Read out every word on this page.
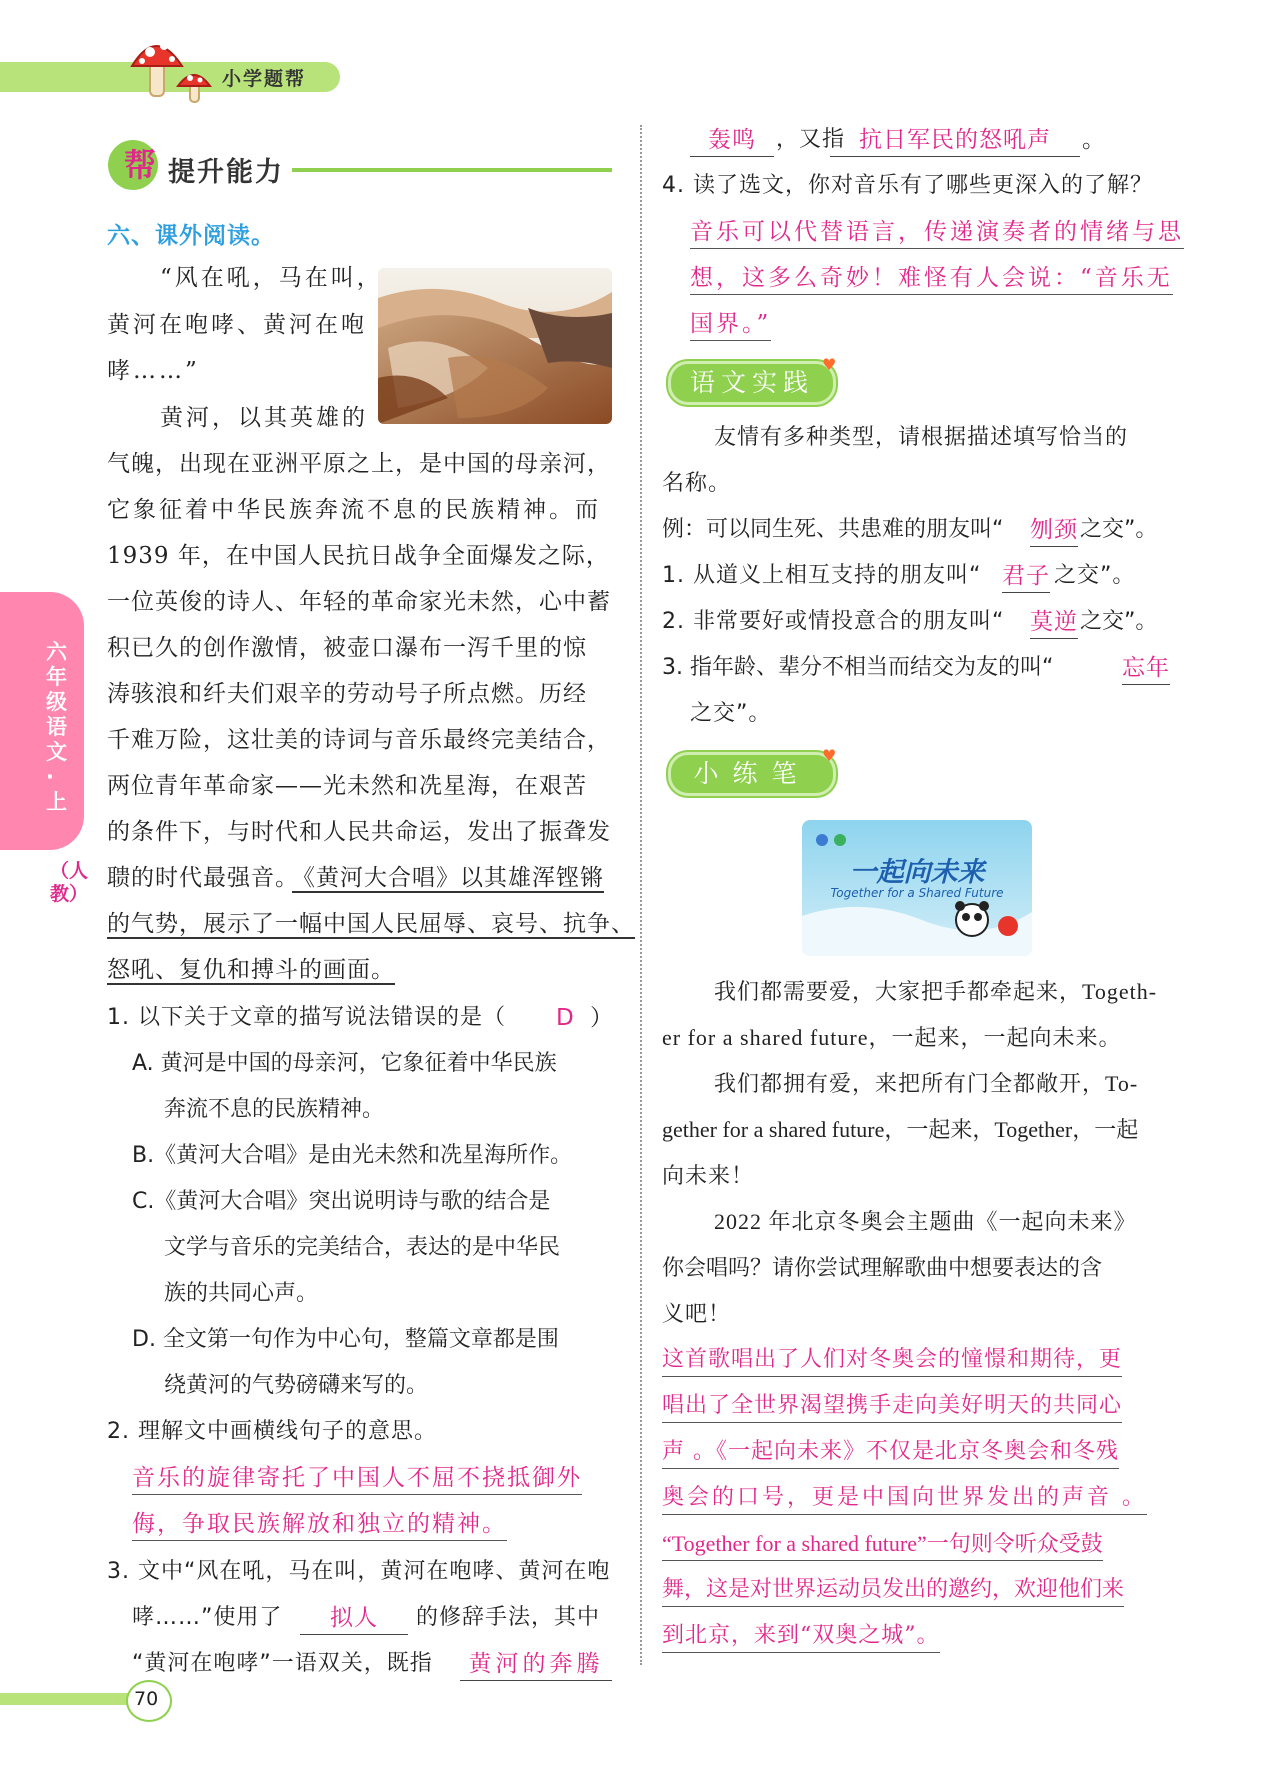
小学题帮
帮 提升能力
六年级语文·上
（人教）
70
六、课外阅读。
“风在吼，马在叫，
黄河在咆哮、黄河在咆
哮……”
黄河，以其英雄的
气魄，出现在亚洲平原之上，是中国的母亲河，
它象征着中华民族奔流不息的民族精神。而
1939 年，在中国人民抗日战争全面爆发之际，
一位英俊的诗人、年轻的革命家光未然，心中蓄
积已久的创作激情，被壶口瀑布一泻千里的惊
涛骇浪和纤夫们艰辛的劳动号子所点燃。历经
千难万险，这壮美的诗词与音乐最终完美结合，
两位青年革命家——光未然和冼星海，在艰苦
的条件下，与时代和人民共命运，发出了振聋发
聩的时代最强音。
《黄河大合唱》以其雄浑铿锵
的气势，展示了一幅中国人民屈辱、哀号、抗争、
怒吼、复仇和搏斗的画面。
1. 以下关于文章的描写说法错误的是（ D ）
A. 黄河是中国的母亲河，它象征着中华民族
奔流不息的民族精神。
B.《黄河大合唱》是由光未然和冼星海所作。
C.《黄河大合唱》突出说明诗与歌的结合是
文学与音乐的完美结合，表达的是中华民
族的共同心声。
D. 全文第一句作为中心句，整篇文章都是围
绕黄河的气势磅礴来写的。
2. 理解文中画横线句子的意思。
音乐的旋律寄托了中国人不屈不挠抵御外
侮，争取民族解放和独立的精神。
3. 文中“风在吼，马在叫，黄河在咆哮、黄河在咆
哮……”使用了	拟人	的修辞手法，其中
“黄河在咆哮”一语双关，既指	黄河的奔腾
轰鸣 ，又指 抗日军民的怒吼声	。
4. 读了选文，你对音乐有了哪些更深入的了解？
音乐可以代替语言，传递演奏者的情绪与思
想，这多么奇妙！难怪有人会说：“音乐无
国界。”
语文实践
♥
友情有多种类型，请根据描述填写恰当的
名称。
例：可以同生死、共患难的朋友叫“ 刎颈 之交”。
1. 从道义上相互支持的朋友叫“ 君子 之交”。
2. 非常要好或情投意合的朋友叫“ 莫逆 之交”。
3. 指年龄、辈分不相当而结交为友的叫“	忘年
之交”。
小练笔
♥
一起向未来
Together for a Shared Future
我们都需要爱，大家把手都牵起来，Togeth-
er for a shared future，一起来，一起向未来。
我们都拥有爱，来把所有门全都敞开，To-
gether for a shared future，一起来，Together，一起
向未来！
2022 年北京冬奥会主题曲《一起向未来》
你会唱吗？请你尝试理解歌曲中想要表达的含
义吧！
这首歌唱出了人们对冬奥会的憧憬和期待，更
唱出了全世界渴望携手走向美好明天的共同心
声 。《一起向未来》不仅是北京冬奥会和冬残
奥会的口号，更是中国向世界发出的声音 。
“Together for a shared future”一句则令听众受鼓
舞，这是对世界运动员发出的邀约，欢迎他们来
到北京，来到“双奥之城”。
